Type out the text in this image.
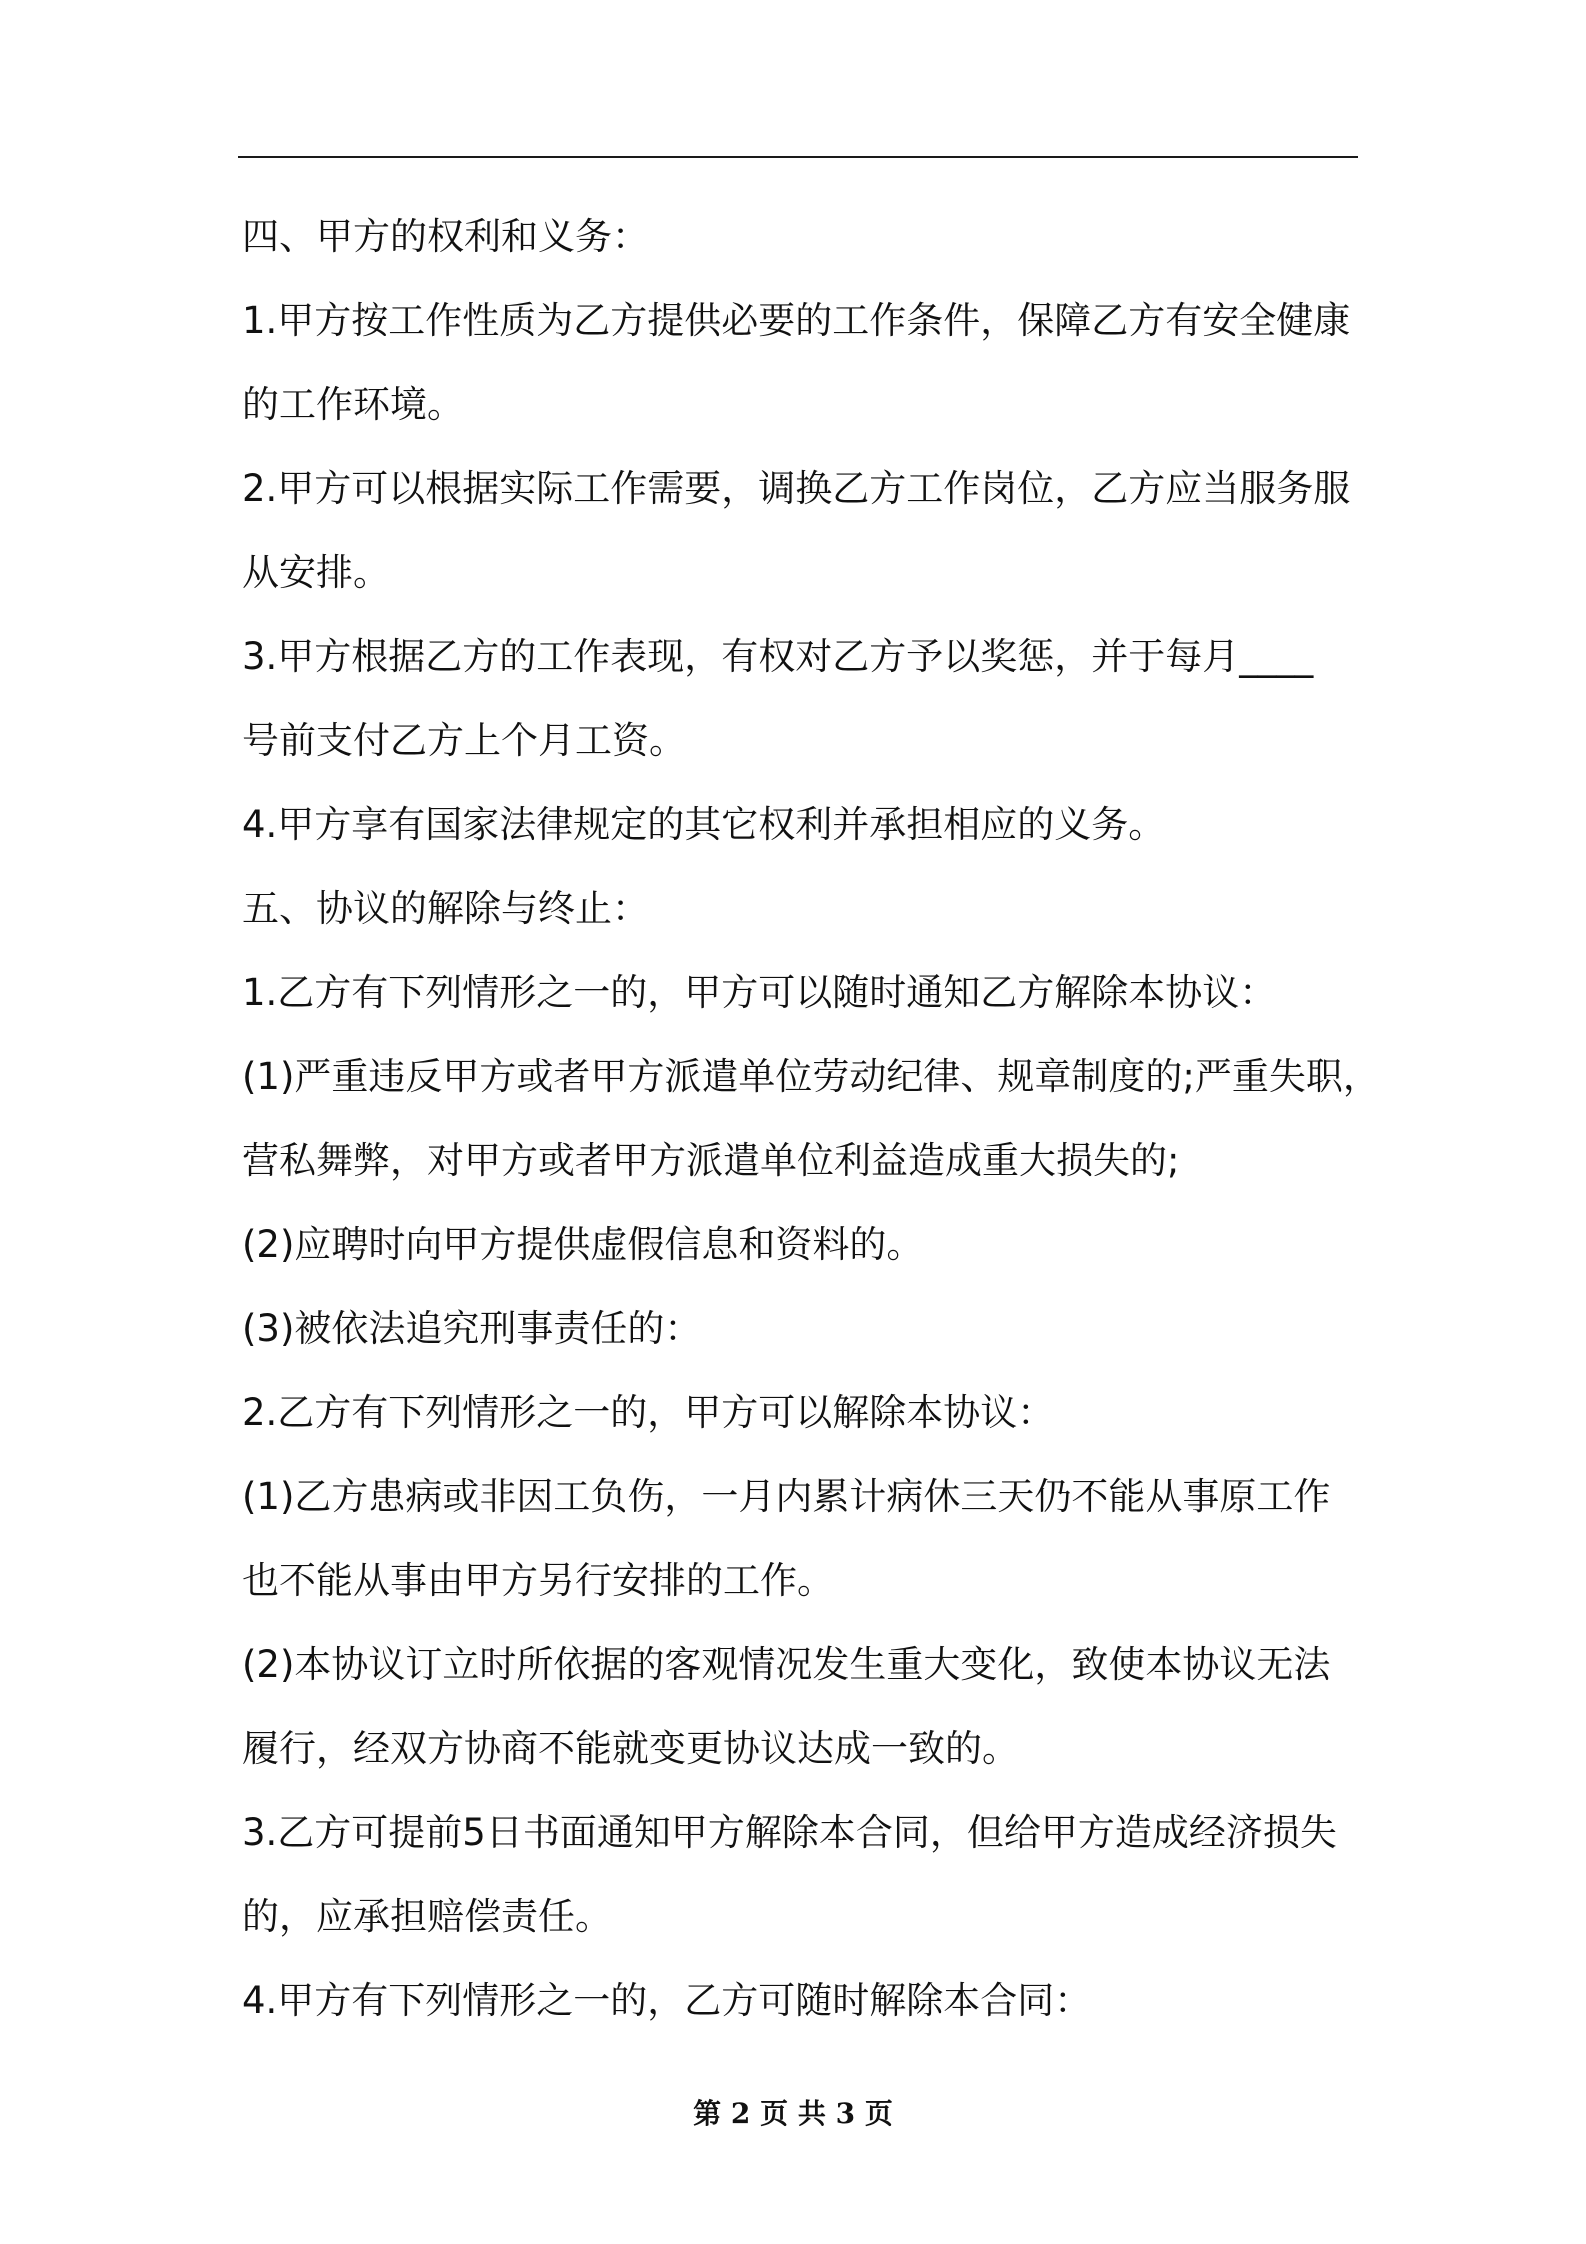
四、甲方的权利和义务：
1.甲方按工作性质为乙方提供必要的工作条件，保障乙方有安全健康
的工作环境。
2.甲方可以根据实际工作需要，调换乙方工作岗位，乙方应当服务服
从安排。
3.甲方根据乙方的工作表现，有权对乙方予以奖惩，并于每月____
号前支付乙方上个月工资。
4.甲方享有国家法律规定的其它权利并承担相应的义务。
五、协议的解除与终止：
1.乙方有下列情形之一的，甲方可以随时通知乙方解除本协议：
(1)严重违反甲方或者甲方派遣单位劳动纪律、规章制度的;严重失职，
营私舞弊，对甲方或者甲方派遣单位利益造成重大损失的;
(2)应聘时向甲方提供虚假信息和资料的。
(3)被依法追究刑事责任的：
2.乙方有下列情形之一的，甲方可以解除本协议：
(1)乙方患病或非因工负伤，一月内累计病休三天仍不能从事原工作
也不能从事由甲方另行安排的工作。
(2)本协议订立时所依据的客观情况发生重大变化，致使本协议无法
履行，经双方协商不能就变更协议达成一致的。
3.乙方可提前5日书面通知甲方解除本合同，但给甲方造成经济损失
的，应承担赔偿责任。
4.甲方有下列情形之一的，乙方可随时解除本合同：
第 2 页 共 3 页
